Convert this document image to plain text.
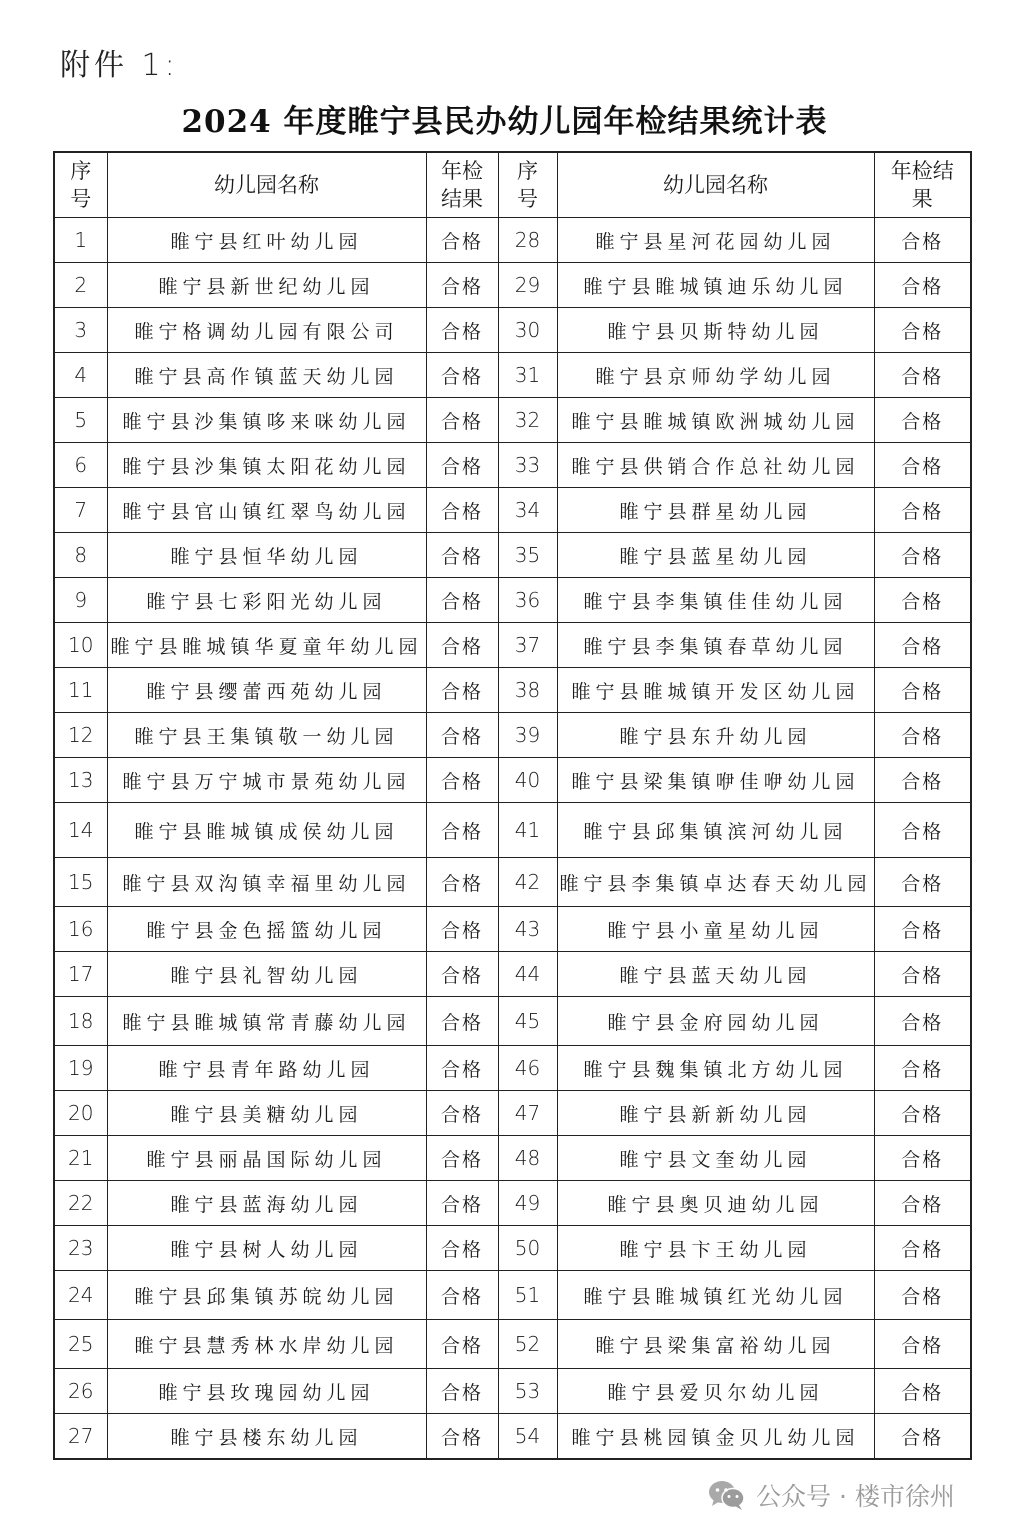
附件 1:
2024 年度睢宁县民办幼儿园年检结果统计表
序号	幼儿园名称	年检结果	序号	幼儿园名称	年检结果
1	睢宁县红叶幼儿园	合格	28	睢宁县星河花园幼儿园	合格
2	睢宁县新世纪幼儿园	合格	29	睢宁县睢城镇迪乐幼儿园	合格
3	睢宁格调幼儿园有限公司	合格	30	睢宁县贝斯特幼儿园	合格
4	睢宁县高作镇蓝天幼儿园	合格	31	睢宁县京师幼学幼儿园	合格
5	睢宁县沙集镇哆来咪幼儿园	合格	32	睢宁县睢城镇欧洲城幼儿园	合格
6	睢宁县沙集镇太阳花幼儿园	合格	33	睢宁县供销合作总社幼儿园	合格
7	睢宁县官山镇红翠鸟幼儿园	合格	34	睢宁县群星幼儿园	合格
8	睢宁县恒华幼儿园	合格	35	睢宁县蓝星幼儿园	合格
9	睢宁县七彩阳光幼儿园	合格	36	睢宁县李集镇佳佳幼儿园	合格
10	睢宁县睢城镇华夏童年幼儿园	合格	37	睢宁县李集镇春草幼儿园	合格
11	睢宁县缨蕾西苑幼儿园	合格	38	睢宁县睢城镇开发区幼儿园	合格
12	睢宁县王集镇敬一幼儿园	合格	39	睢宁县东升幼儿园	合格
13	睢宁县万宁城市景苑幼儿园	合格	40	睢宁县梁集镇咿佳咿幼儿园	合格
14	睢宁县睢城镇成侯幼儿园	合格	41	睢宁县邱集镇滨河幼儿园	合格
15	睢宁县双沟镇幸福里幼儿园	合格	42	睢宁县李集镇卓达春天幼儿园	合格
16	睢宁县金色摇篮幼儿园	合格	43	睢宁县小童星幼儿园	合格
17	睢宁县礼智幼儿园	合格	44	睢宁县蓝天幼儿园	合格
18	睢宁县睢城镇常青藤幼儿园	合格	45	睢宁县金府园幼儿园	合格
19	睢宁县青年路幼儿园	合格	46	睢宁县魏集镇北方幼儿园	合格
20	睢宁县美糖幼儿园	合格	47	睢宁县新新幼儿园	合格
21	睢宁县丽晶国际幼儿园	合格	48	睢宁县文奎幼儿园	合格
22	睢宁县蓝海幼儿园	合格	49	睢宁县奥贝迪幼儿园	合格
23	睢宁县树人幼儿园	合格	50	睢宁县卞王幼儿园	合格
24	睢宁县邱集镇苏皖幼儿园	合格	51	睢宁县睢城镇红光幼儿园	合格
25	睢宁县慧秀林水岸幼儿园	合格	52	睢宁县梁集富裕幼儿园	合格
26	睢宁县玫瑰园幼儿园	合格	53	睢宁县爱贝尔幼儿园	合格
27	睢宁县楼东幼儿园	合格	54	睢宁县桃园镇金贝儿幼儿园	合格
公众号 · 楼市徐州
